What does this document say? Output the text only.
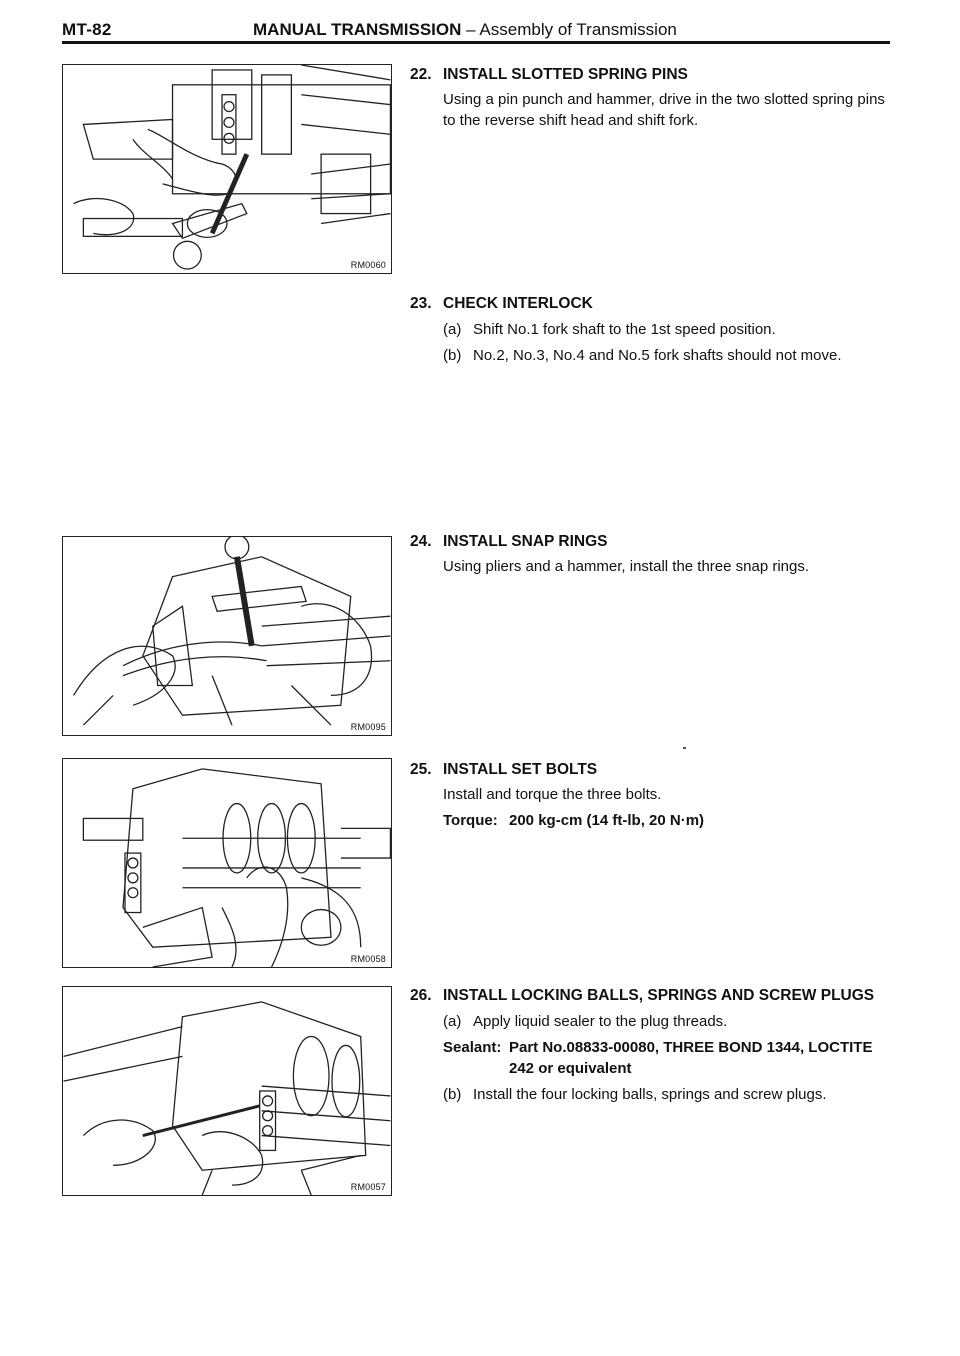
MT-82	MANUAL TRANSMISSION – Assembly of Transmission
RM0060
RM0095
RM0058
RM0057
22. INSTALL SLOTTED SPRING PINS
Using a pin punch and hammer, drive in the two slotted spring pins to the reverse shift head and shift fork.
23. CHECK INTERLOCK
(a) Shift No.1 fork shaft to the 1st speed position.
(b) No.2, No.3, No.4 and No.5 fork shafts should not move.
24. INSTALL SNAP RINGS
Using pliers and a hammer, install the three snap rings.
25. INSTALL SET BOLTS
Install and torque the three bolts.
Torque: 200 kg-cm (14 ft-lb, 20 N·m)
26. INSTALL LOCKING BALLS, SPRINGS AND SCREW PLUGS
(a) Apply liquid sealer to the plug threads.
Sealant: Part No.08833-00080, THREE BOND 1344, LOCTITE 242 or equivalent
(b) Install the four locking balls, springs and screw plugs.
